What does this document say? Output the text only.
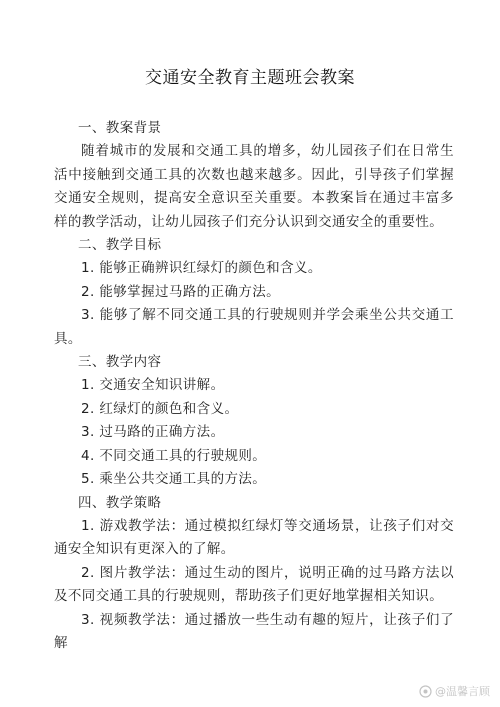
交通安全教育主题班会教案

一、教案背景

随着城市的发展和交通工具的增多，幼儿园孩子们在日常生活中接触到交通工具的次数也越来越多。因此，引导孩子们掌握交通安全规则，提高安全意识至关重要。本教案旨在通过丰富多样的教学活动，让幼儿园孩子们充分认识到交通安全的重要性。

二、教学目标

1. 能够正确辨识红绿灯的颜色和含义。

2. 能够掌握过马路的正确方法。

3. 能够了解不同交通工具的行驶规则并学会乘坐公共交通工具。

三、教学内容

1. 交通安全知识讲解。

2. 红绿灯的颜色和含义。

3. 过马路的正确方法。

4. 不同交通工具的行驶规则。

5. 乘坐公共交通工具的方法。

四、教学策略

1. 游戏教学法：通过模拟红绿灯等交通场景，让孩子们对交通安全知识有更深入的了解。

2. 图片教学法：通过生动的图片，说明正确的过马路方法以及不同交通工具的行驶规则，帮助孩子们更好地掌握相关知识。

3. 视频教学法：通过播放一些生动有趣的短片，让孩子们了解

@温馨言顾
